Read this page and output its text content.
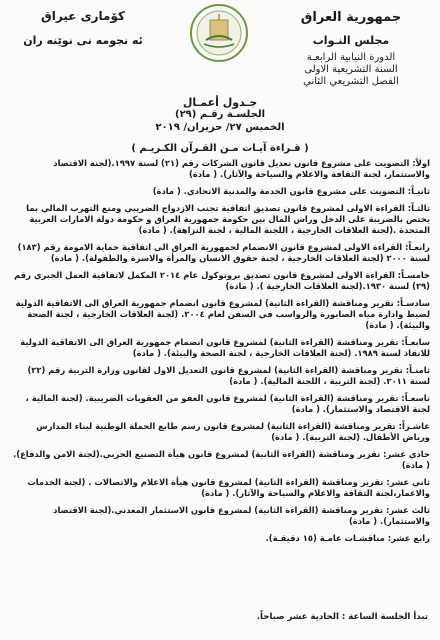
جمهورية العراق
مجلس النـواب
الدورة النيابية الرابعـة
السنة التشريعية الاولى
الفصل التشريعي الثاني
كۆماری عیراق
ئه نجومه نی نوێنه ران
جـدول أعمـال
الجلسـة رقـم (٢٩)
الخميس ٢٧/ حزيران/ ٢٠١٩
( قـراءة آيـات مـن القـرآن الكـريـم )
اولاً: التصويت على مشروع قانون تعديل قانون الشركات رقم (٢١) لسنة ١٩٩٧.(لجنة الاقتصاد والاستثمار، لجنة الثقافة والاعلام والسياحة والآثار). ( مادة)
ثانيـاً: التصويت على مشروع قانون الخدمة والمدنية الاتحادي. ( مادة)
ثالثـاً: القراءة الاولى لمشروع قانون تصديق اتفاقية تجنب الازدواج الضريبي ومنع التهرب المالي بما يختص بالضريبة على الدخل وراس المال بين حكومة جمهورية العراق و حكومة دولة الامارات العربية المتحدة .(لجنة العلاقات الخارجية ، اللجنة المالية ، لجنة النزاهة). ( مادة)
رابعـاً: القراءة الاولى لمشروع قانون الانضمام لجمهورية العراق الى اتفاقية حماية الامومة رقم (١٨٣) لسنة ٢٠٠٠ (لجنة العلاقات الخارجية ، لجنة حقوق الانسان والمرأة والاسرة والطفولة). ( مادة)
خامسـاً: القراءة الاولى لمشروع قانون تصديق بروتوكول عام ٢٠١٤ المكمل لاتفاقية العمل الجبري رقم (٢٩) لسنة ١٩٣٠.(لجنة العلاقات الخارجية ). ( مادة)
سادسـاً: تقرير ومناقشة (القراءة الثانية) لمشروع قانون انضمام جمهورية العراق الى الاتفاقية الدولية لضبط وادارة مياه الصابورة والرواسب في السفن لعام ٢٠٠٤. (لجنة العلاقات الخارجية ، لجنة الصحة والبيئة). ( مادة)
سابعـاً: تقرير ومناقشة (القراءة الثانية) لمشروع قانون انضمام جمهورية العراق الى الاتفاقية الدولية للانقاذ لسنة ١٩٨٩. (لجنة العلاقات الخارجية ، لجنة الصحة والبيئة). ( مادة)
ثامنـاً: تقرير ومناقشة (القراءة الثانية) لمشروع قانون التعديل الاول لقانون وزارة التربية رقم (٢٢) لسنة ٢٠١١. (لجنة التربية ، اللجنة المالية). ( مادة)
تاسعـاً: تقرير ومناقشة (القراءة الثانية) لمشروع قانون العفو من العقوبات الضريبية. (لجنة المالية ، لجنة الاقتصاد والاستثمار). ( مادة)
عاشـراً: تقرير ومناقشة (القراءة الثانية) لمشروع قانون رسم طابع الحملة الوطنية لبناء المدارس ورياض الأطفال. (لجنة التربية). ( مادة)
حادي عشر: تقرير ومناقشة (القراءة الثانية) لمشروع قانون هيأة التصنيع الحربي.(لجنة الامن والدفاع). ( مادة)
ثاني عشر: تقرير ومناقشة (القراءة الثانية) لمشروع قانون هيأة الاعلام والاتصالات . (لجنة الخدمات والاعمار،لجنة الثقافة والاعلام والسياحة والآثار). ( مادة)
ثالث عشر: تقرير ومناقشة (القراءة الثانية) لمشروع قانون الاستثمار المعدني.(لجنة الاقتصاد والاستثمار). ( مادة)
رابع عشر: مناقشـات عامـة (١٥ دقيقـة).
تبدأ الجلسة الساعة : الحادية عشر صباحاً.
